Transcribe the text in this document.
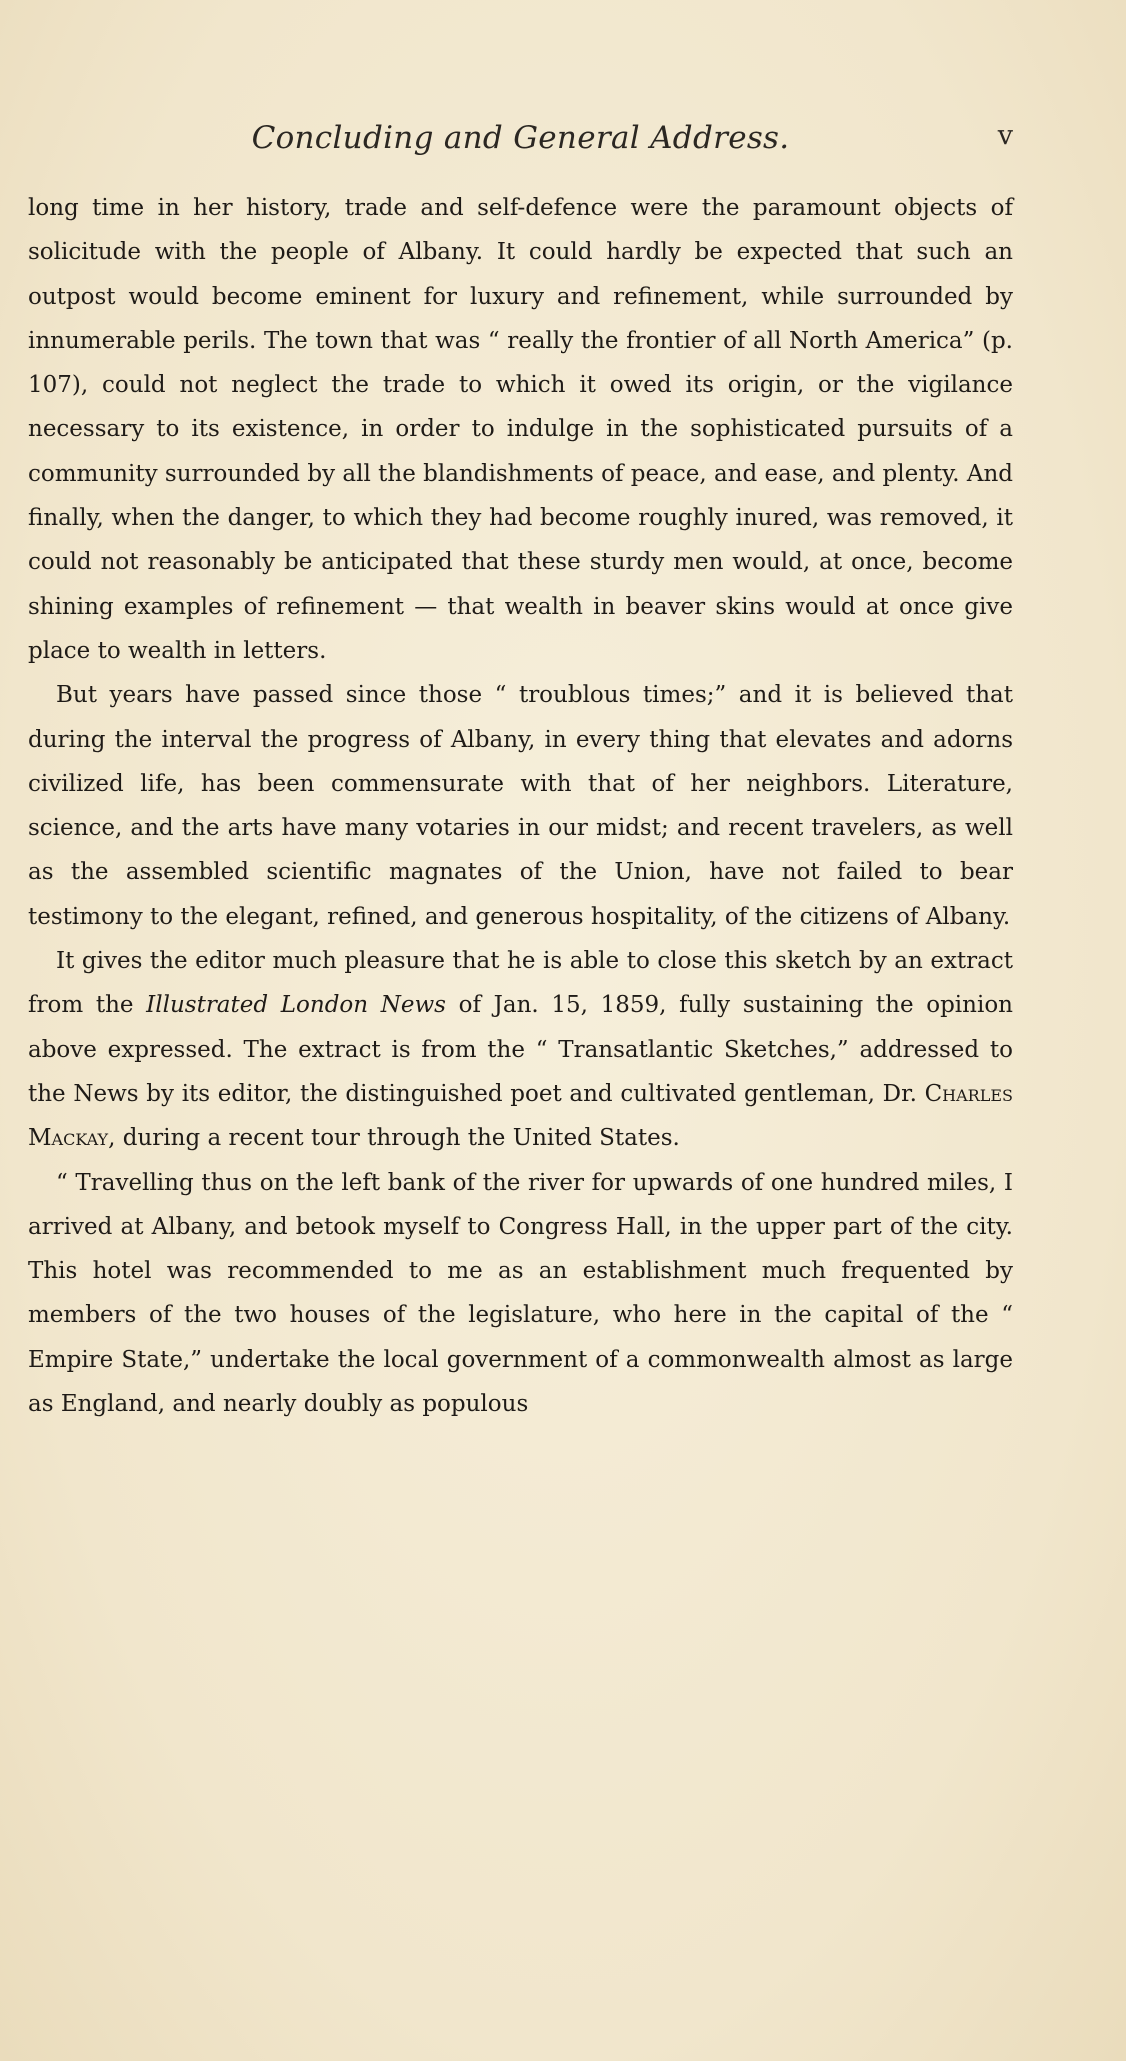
Concluding and General Address.	v

long time in her history, trade and self-defence were the paramount objects of solicitude with the people of Albany. It could hardly be expected that such an outpost would become eminent for luxury and refinement, while surrounded by innumerable perils. The town that was “ really the frontier of all North America” (p. 107), could not neglect the trade to which it owed its origin, or the vigilance necessary to its existence, in order to indulge in the sophisticated pursuits of a community surrounded by all the blandishments of peace, and ease, and plenty. And finally, when the danger, to which they had become roughly inured, was removed, it could not reasonably be anticipated that these sturdy men would, at once, become shining examples of refinement — that wealth in beaver skins would at once give place to wealth in letters.

But years have passed since those “ troublous times;” and it is believed that during the interval the progress of Albany, in every thing that elevates and adorns civilized life, has been commensurate with that of her neighbors. Literature, science, and the arts have many votaries in our midst; and recent travelers, as well as the assembled scientific magnates of the Union, have not failed to bear testimony to the elegant, refined, and generous hospitality, of the citizens of Albany.

It gives the editor much pleasure that he is able to close this sketch by an extract from the Illustrated London News of Jan. 15, 1859, fully sustaining the opinion above expressed. The extract is from the “ Transatlantic Sketches,” addressed to the News by its editor, the distinguished poet and cultivated gentleman, Dr. Charles Mackay, during a recent tour through the United States.

“ Travelling thus on the left bank of the river for upwards of one hundred miles, I arrived at Albany, and betook myself to Congress Hall, in the upper part of the city. This hotel was recommended to me as an establishment much frequented by members of the two houses of the legislature, who here in the capital of the “ Empire State,” undertake the local government of a commonwealth almost as large as England, and nearly doubly as populous
